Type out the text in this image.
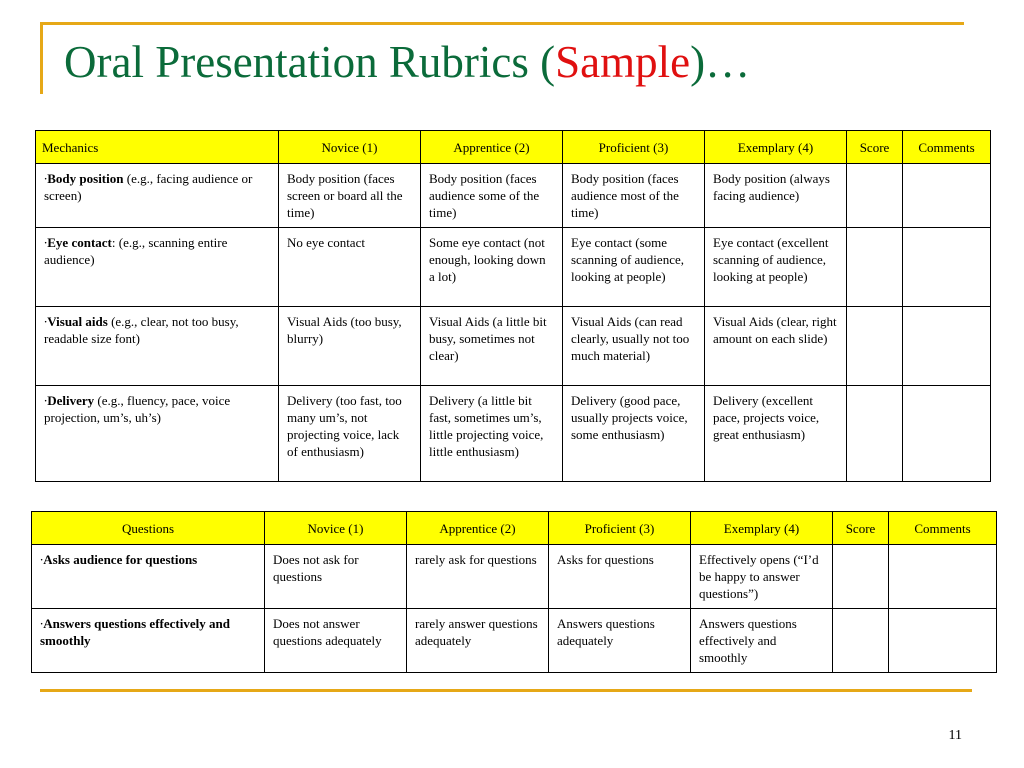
Oral Presentation Rubrics (Sample)…
Mechanics	Novice (1)	Apprentice (2)	Proficient (3)	Exemplary (4)	Score	Comments
∙Body position (e.g., facing audience or screen)	Body position (faces screen or board all the time)	Body position (faces audience some of the time)	Body position (faces audience most of the time)	Body position (always facing audience)		
∙Eye contact: (e.g., scanning entire audience)	No eye contact	Some eye contact (not enough, looking down a lot)	Eye contact (some scanning of audience, looking at people)	Eye contact (excellent scanning of audience, looking at people)		
∙Visual aids (e.g., clear, not too busy, readable size font)	Visual Aids (too busy, blurry)	Visual Aids (a little bit busy, sometimes not clear)	Visual Aids (can read clearly, usually not too much material)	Visual Aids (clear, right amount on each slide)		
∙Delivery (e.g., fluency, pace, voice projection, um’s, uh’s)	Delivery (too fast, too many um’s, not projecting voice, lack of enthusiasm)	Delivery (a little bit fast, sometimes um’s, little projecting voice, little enthusiasm)	Delivery (good pace, usually projects voice, some enthusiasm)	Delivery (excellent pace, projects voice, great enthusiasm)		
Questions	Novice (1)	Apprentice (2)	Proficient (3)	Exemplary (4)	Score	Comments
∙Asks audience for questions	Does not ask for questions	rarely ask for questions	Asks for questions	Effectively opens (“I’d be happy to answer questions”)		
∙Answers questions effectively and smoothly	Does not answer questions adequately	rarely answer questions adequately	Answers questions adequately	Answers questions effectively and smoothly		
11
